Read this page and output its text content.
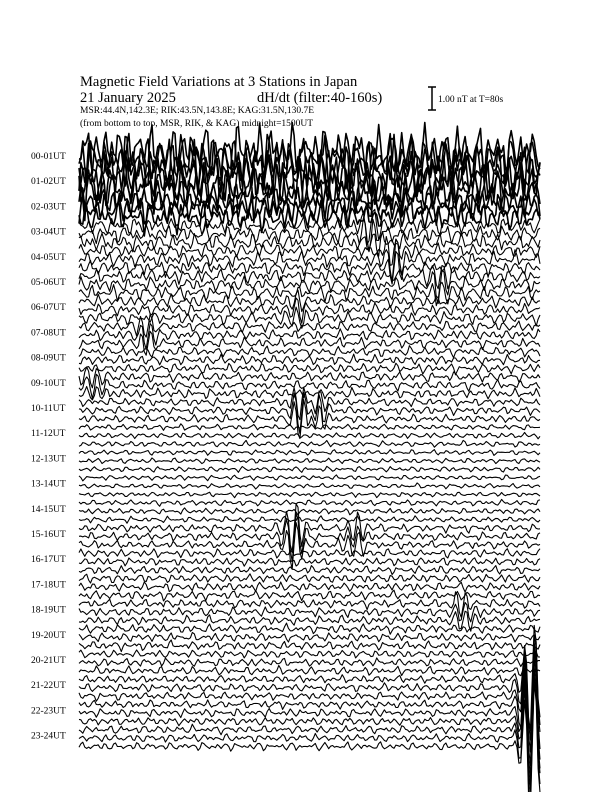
Magnetic Field Variations at 3 Stations in Japan
21 January 2025	dH/dt (filter:40-160s)
MSR:44.4N,142.3E; RIK:43.5N,143.8E; KAG:31.5N,130.7E
(from bottom to top, MSR, RIK, & KAG) midnight=1500UT
1.00 nT at T=80s
00-01UT
01-02UT
02-03UT
03-04UT
04-05UT
05-06UT
06-07UT
07-08UT
08-09UT
09-10UT
10-11UT
11-12UT
12-13UT
13-14UT
14-15UT
15-16UT
16-17UT
17-18UT
18-19UT
19-20UT
20-21UT
21-22UT
22-23UT
23-24UT
